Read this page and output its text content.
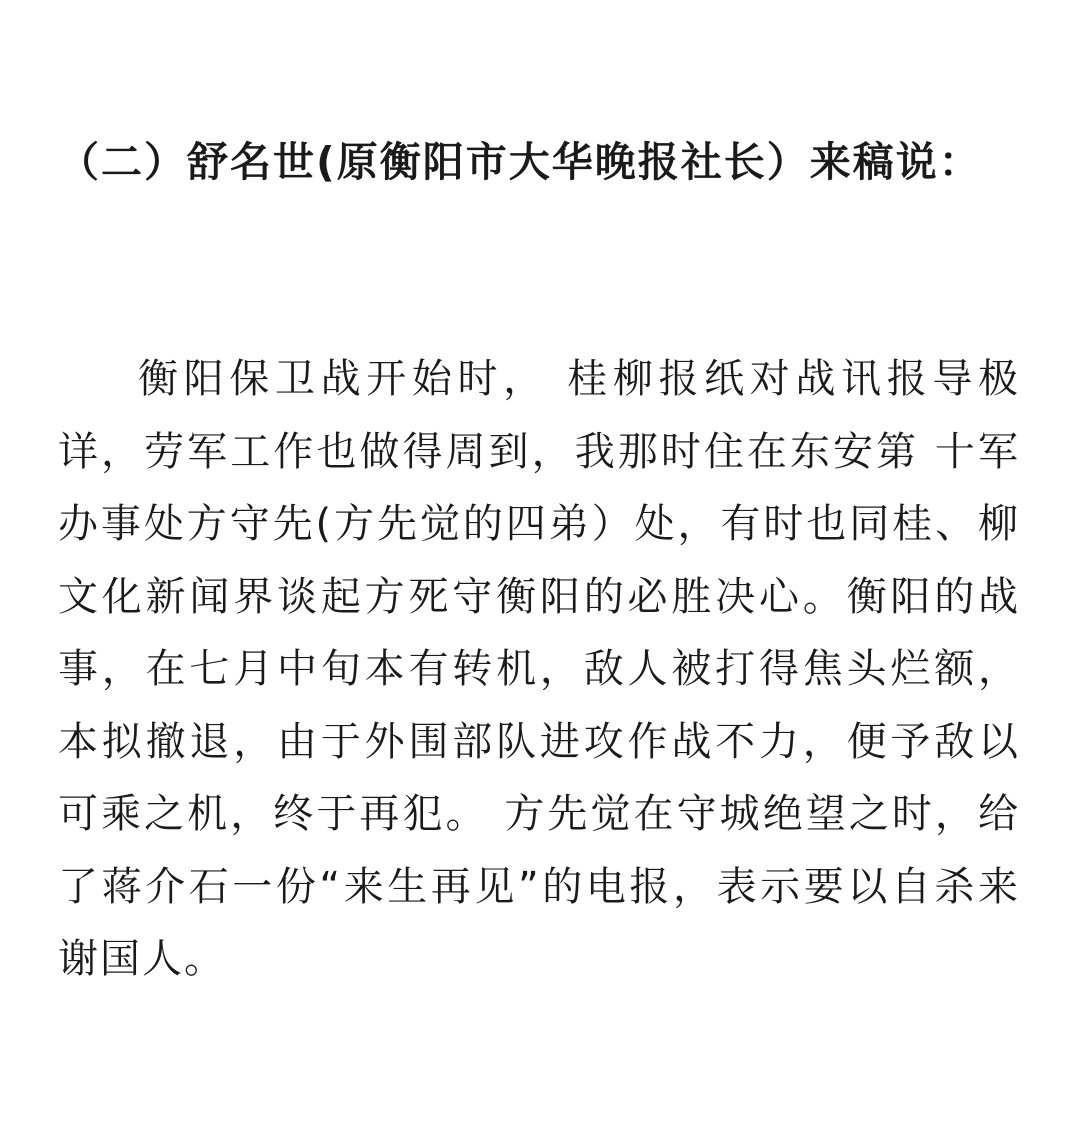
（二）舒名世(原衡阳市大华晚报社长）来稿说：

衡阳保卫战开始时， 桂柳报纸对战讯报导极详，劳军工作也做得周到，我那时住在东安第 十军办事处方守先(方先觉的四弟）处，有时也同桂、柳文化新闻界谈起方死守衡阳的必胜决心。衡阳的战事，在七月中旬本有转机，敌人被打得焦头烂额，本拟撤退，由于外围部队进攻作战不力，便予敌以可乘之机，终于再犯。 方先觉在守城绝望之时，给了蒋介石一份“来生再见”的电报，表示要以自杀来谢国人。
